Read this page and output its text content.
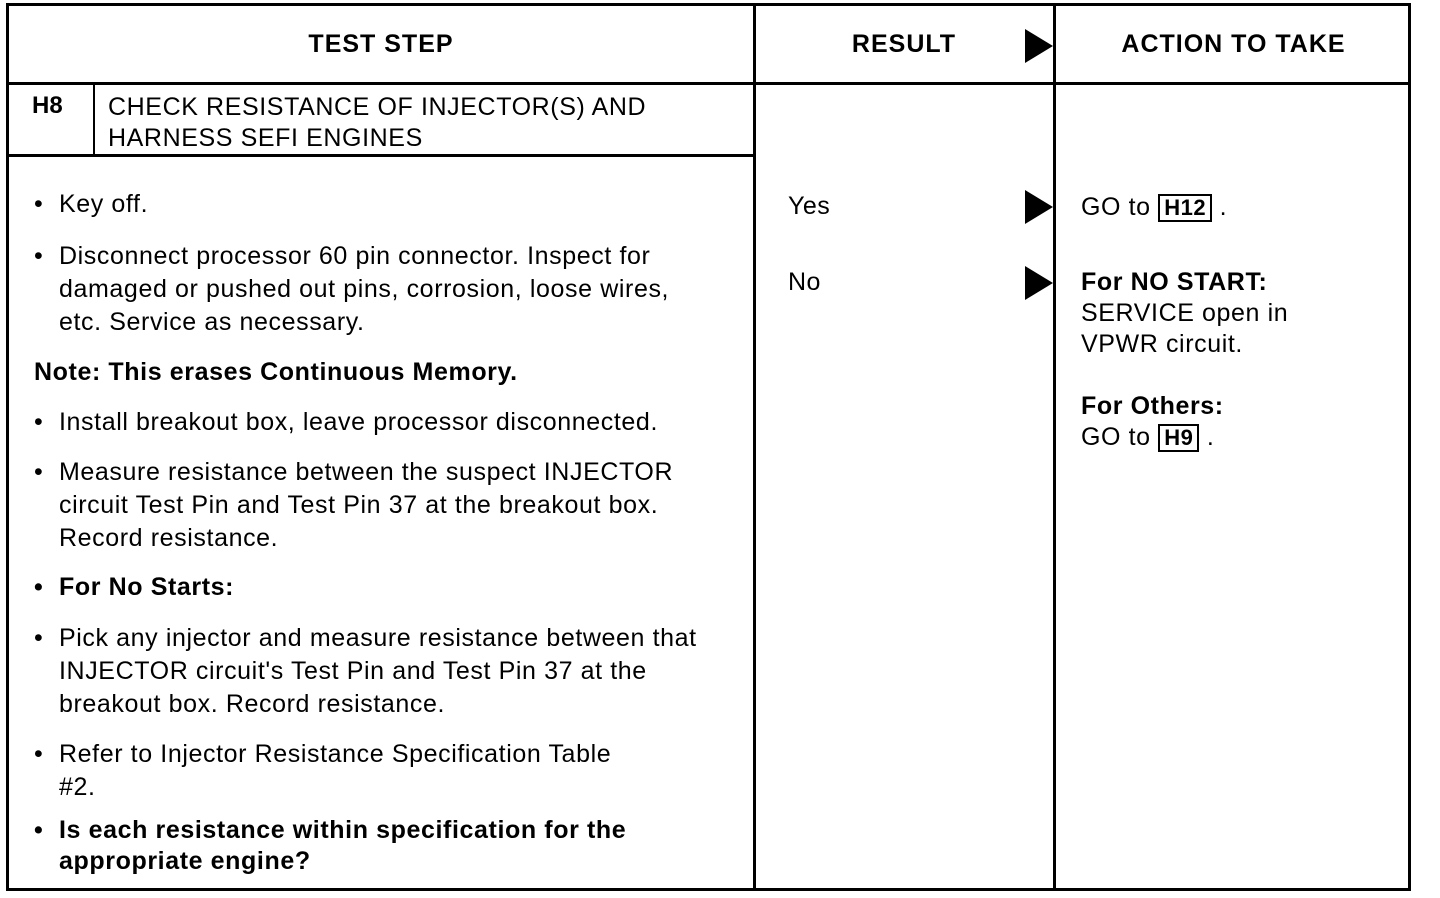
TEST STEP	RESULT	ACTION TO TAKE
H8 CHECK RESISTANCE OF INJECTOR(S) AND
HARNESS SEFI ENGINES
• Key off.
• Disconnect processor 60 pin connector. Inspect for damaged or pushed out pins, corrosion, loose wires, etc. Service as necessary.
Note: This erases Continuous Memory.
• Install breakout box, leave processor disconnected.
• Measure resistance between the suspect INJECTOR circuit Test Pin and Test Pin 37 at the breakout box. Record resistance.
• For No Starts:
• Pick any injector and measure resistance between that INJECTOR circuit's Test Pin and Test Pin 37 at the breakout box. Record resistance.
• Refer to Injector Resistance Specification Table #2.
• Is each resistance within specification for the appropriate engine?
Yes
No
GO to H12 .
For NO START:
SERVICE open in
VPWR circuit.
For Others:
GO to H9 .
